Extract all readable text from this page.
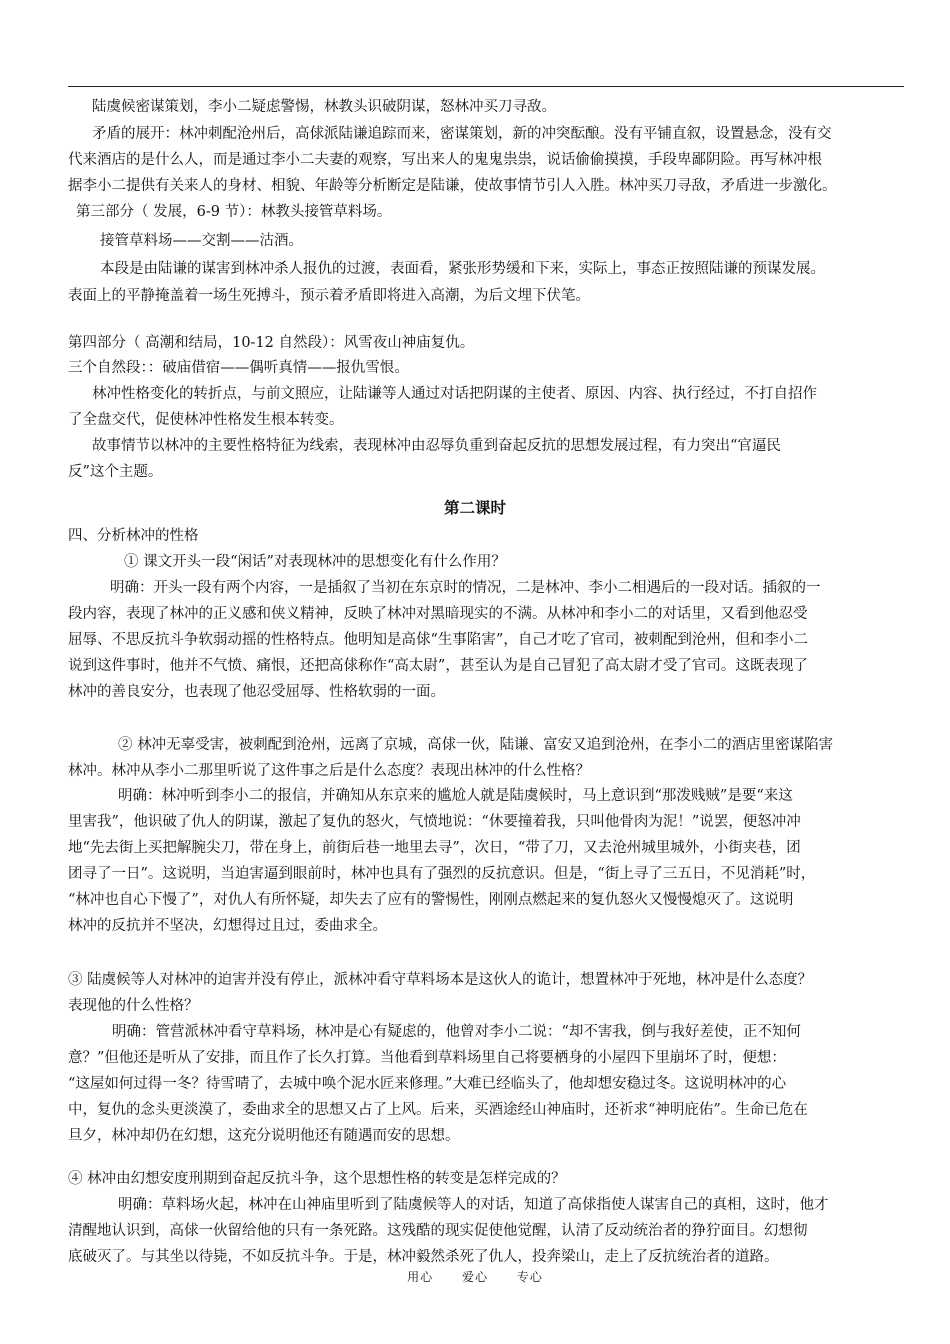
陆虞候密谋策划，李小二疑虑警惕，林教头识破阴谋，怒林冲买刀寻敌。
矛盾的展开：林冲刺配沧州后，高俅派陆谦追踪而来，密谋策划，新的冲突酝酿。没有平铺直叙，设置悬念，没有交
代来酒店的是什么人，而是通过李小二夫妻的观察，写出来人的鬼鬼祟祟，说话偷偷摸摸，手段卑鄙阴险。再写林冲根
据李小二提供有关来人的身材、相貌、年龄等分析断定是陆谦，使故事情节引人入胜。林冲买刀寻敌，矛盾进一步激化。
第三部分（ 发展，6-9 节）：林教头接管草料场。
接管草料场——交割——沽酒。
本段是由陆谦的谋害到林冲杀人报仇的过渡，表面看，紧张形势缓和下来，实际上，事态正按照陆谦的预谋发展。
表面上的平静掩盖着一场生死搏斗，预示着矛盾即将进入高潮，为后文埋下伏笔。
第四部分（ 高潮和结局，10-12 自然段）：风雪夜山神庙复仇。
三个自然段：：破庙借宿——偶听真情——报仇雪恨。
林冲性格变化的转折点，与前文照应，让陆谦等人通过对话把阴谋的主使者、原因、内容、执行经过，不打自招作
了全盘交代，促使林冲性格发生根本转变。
故事情节以林冲的主要性格特征为线索，表现林冲由忍辱负重到奋起反抗的思想发展过程，有力突出“官逼民
反”这个主题。
第二课时
四、分析林冲的性格
① 课文开头一段“闲话”对表现林冲的思想变化有什么作用？
明确：开头一段有两个内容，一是插叙了当初在东京时的情况，二是林冲、李小二相遇后的一段对话。插叙的一
段内容，表现了林冲的正义感和侠义精神，反映了林冲对黑暗现实的不满。从林冲和李小二的对话里，又看到他忍受
屈辱、不思反抗斗争软弱动摇的性格特点。他明知是高俅“生事陷害”，自己才吃了官司，被刺配到沧州，但和李小二
说到这件事时，他并不气愤、痛恨，还把高俅称作“高太尉”，甚至认为是自己冒犯了高太尉才受了官司。这既表现了
林冲的善良安分，也表现了他忍受屈辱、性格软弱的一面。
② 林冲无辜受害，被刺配到沧州，远离了京城，高俅一伙，陆谦、富安又追到沧州，在李小二的酒店里密谋陷害
林冲。林冲从李小二那里听说了这件事之后是什么态度？表现出林冲的什么性格？
明确：林冲听到李小二的报信，并确知从东京来的尴尬人就是陆虞候时，马上意识到“那泼贱贼”是要“来这
里害我”，他识破了仇人的阴谋，激起了复仇的怒火，气愤地说：“休要撞着我，只叫他骨肉为泥！”说罢，便怒冲冲
地“先去街上买把解腕尖刀，带在身上，前街后巷一地里去寻”，次日，“带了刀，又去沧州城里城外，小街夹巷，团
团寻了一日”。这说明，当迫害逼到眼前时，林冲也具有了强烈的反抗意识。但是，“街上寻了三五日，不见消耗”时，
“林冲也自心下慢了”，对仇人有所怀疑，却失去了应有的警惕性，刚刚点燃起来的复仇怒火又慢慢熄灭了。这说明
林冲的反抗并不坚决，幻想得过且过，委曲求全。
③ 陆虞候等人对林冲的迫害并没有停止，派林冲看守草料场本是这伙人的诡计，想置林冲于死地，林冲是什么态度？
表现他的什么性格？
明确：管营派林冲看守草料场，林冲是心有疑虑的，他曾对李小二说：“却不害我，倒与我好差使，正不知何
意？”但他还是听从了安排，而且作了长久打算。当他看到草料场里自己将要栖身的小屋四下里崩坏了时，便想：
“这屋如何过得一冬？待雪晴了，去城中唤个泥水匠来修理。”大难已经临头了，他却想安稳过冬。这说明林冲的心
中，复仇的念头更淡漠了，委曲求全的思想又占了上风。后来，买酒途经山神庙时，还祈求“神明庇佑”。生命已危在
旦夕，林冲却仍在幻想，这充分说明他还有随遇而安的思想。
④ 林冲由幻想安度刑期到奋起反抗斗争，这个思想性格的转变是怎样完成的？
明确：草料场火起，林冲在山神庙里听到了陆虞候等人的对话，知道了高俅指使人谋害自己的真相，这时，他才
清醒地认识到，高俅一伙留给他的只有一条死路。这残酷的现实促使他觉醒，认清了反动统治者的狰狞面目。幻想彻
底破灭了。与其坐以待毙，不如反抗斗争。于是，林冲毅然杀死了仇人，投奔梁山，走上了反抗统治者的道路。
用心 爱心 专心
